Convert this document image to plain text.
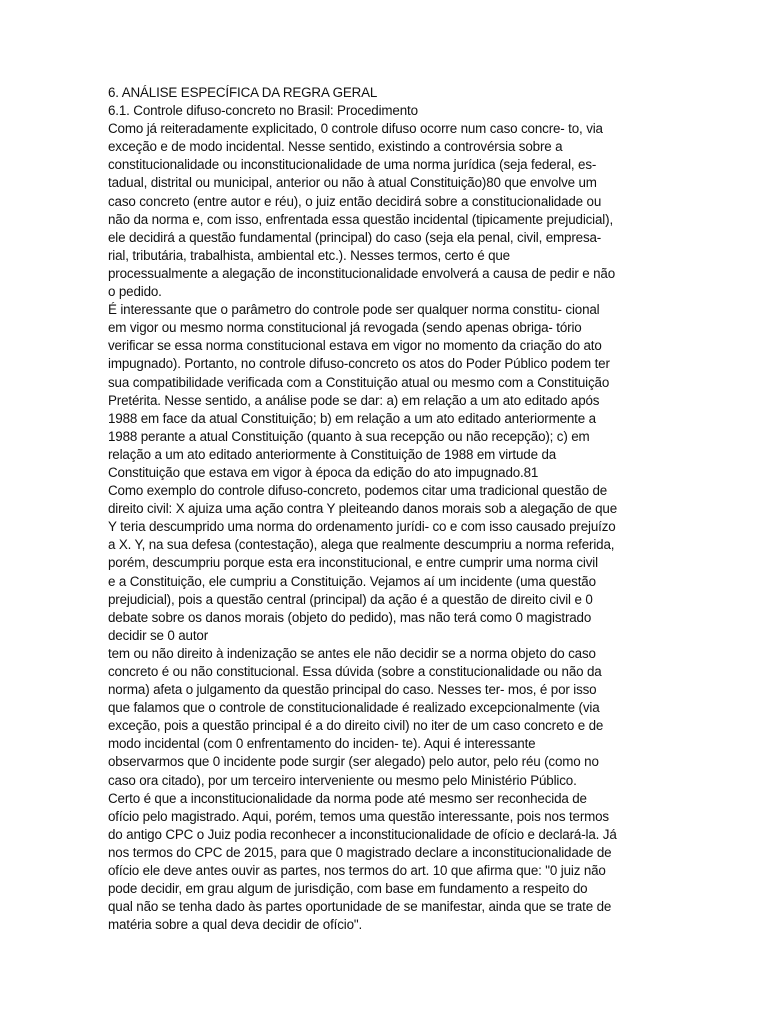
6. ANÁLISE ESPECÍFICA DA REGRA GERAL
6.1. Controle difuso-concreto no Brasil: Procedimento
Como já reiteradamente explicitado, 0 controle difuso ocorre num caso concre- to, via
exceção e de modo incidental. Nesse sentido, existindo a controvérsia sobre a
constitucionalidade ou inconstitucionalidade de uma norma jurídica (seja federal, es-
tadual, distrital ou municipal, anterior ou não à atual Constituição)80 que envolve um
caso concreto (entre autor e réu), o juiz então decidirá sobre a constitucionalidade ou
não da norma e, com isso, enfrentada essa questão incidental (tipicamente prejudicial),
ele decidirá a questão fundamental (principal) do caso (seja ela penal, civil, empresa-
rial, tributária, trabalhista, ambiental etc.). Nesses termos, certo é que
processualmente a alegação de inconstitucionalidade envolverá a causa de pedir e não
o pedido.
É interessante que o parâmetro do controle pode ser qualquer norma constitu- cional
em vigor ou mesmo norma constitucional já revogada (sendo apenas obriga- tório
verificar se essa norma constitucional estava em vigor no momento da criação do ato
impugnado). Portanto, no controle difuso-concreto os atos do Poder Público podem ter
sua compatibilidade verificada com a Constituição atual ou mesmo com a Constituição
Pretérita. Nesse sentido, a análise pode se dar: a) em relação a um ato editado após
1988 em face da atual Constituição; b) em relação a um ato editado anteriormente a
1988 perante a atual Constituição (quanto à sua recepção ou não recepção); c) em
relação a um ato editado anteriormente à Constituição de 1988 em virtude da
Constituição que estava em vigor à época da edição do ato impugnado.81
Como exemplo do controle difuso-concreto, podemos citar uma tradicional questão de
direito civil: X ajuiza uma ação contra Y pleiteando danos morais sob a alegação de que
Y teria descumprido uma norma do ordenamento jurídi- co e com isso causado prejuízo
a X. Y, na sua defesa (contestação), alega que realmente descumpriu a norma referida,
porém, descumpriu porque esta era inconstitucional, e entre cumprir uma norma civil
e a Constituição, ele cumpriu a Constituição. Vejamos aí um incidente (uma questão
prejudicial), pois a questão central (principal) da ação é a questão de direito civil e 0
debate sobre os danos morais (objeto do pedido), mas não terá como 0 magistrado
decidir se 0 autor
tem ou não direito à indenização se antes ele não decidir se a norma objeto do caso
concreto é ou não constitucional. Essa dúvida (sobre a constitucionalidade ou não da
norma) afeta o julgamento da questão principal do caso. Nesses ter- mos, é por isso
que falamos que o controle de constitucionalidade é realizado excepcionalmente (via
exceção, pois a questão principal é a do direito civil) no iter de um caso concreto e de
modo incidental (com 0 enfrentamento do inciden- te). Aqui é interessante
observarmos que 0 incidente pode surgir (ser alegado) pelo autor, pelo réu (como no
caso ora citado), por um terceiro interveniente ou mesmo pelo Ministério Público.
Certo é que a inconstitucionalidade da norma pode até mesmo ser reconhecida de
ofício pelo magistrado. Aqui, porém, temos uma questão interessante, pois nos termos
do antigo CPC o Juiz podia reconhecer a inconstitucionalidade de ofício e declará-la. Já
nos termos do CPC de 2015, para que 0 magistrado declare a inconstitucionalidade de
ofício ele deve antes ouvir as partes, nos termos do art. 10 que afirma que: "0 juiz não
pode decidir, em grau algum de jurisdição, com base em fundamento a respeito do
qual não se tenha dado às partes oportunidade de se manifestar, ainda que se trate de
matéria sobre a qual deva decidir de ofício".
